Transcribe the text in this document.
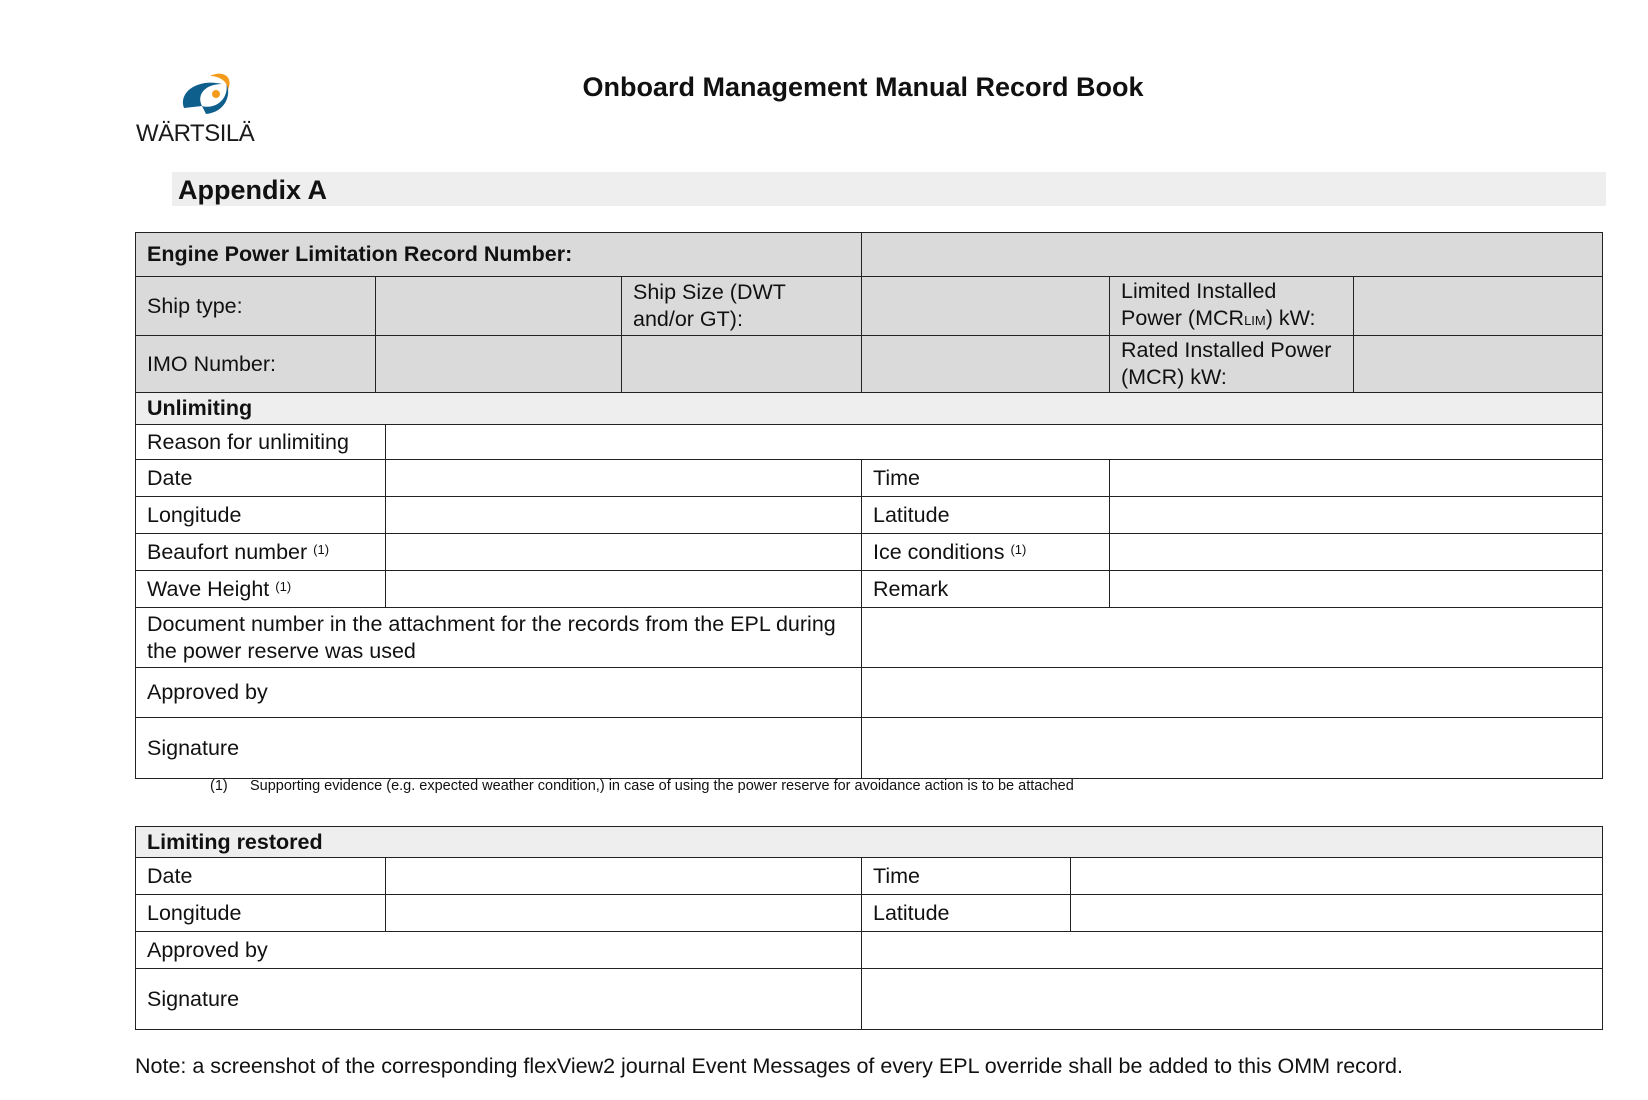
WÄRTSILÄ
Onboard Management Manual Record Book
Appendix A
Engine Power Limitation Record Number:						
Ship type:			Ship Size (DWT and/or GT):		Limited Installed Power (MCRLIM) kW:	
IMO Number:					Rated Installed Power (MCR) kW:	
Unlimiting						
Reason for unlimiting						
Date				Time		
Longitude				Latitude		
Beaufort number $^{(1)}$				Ice conditions $^{(1)}$	
Wave Height $^{(1)}$				Remark		
Document number in the attachment for the records from the EPL during the power reserve was used						
Approved by						
Signature						
(1) Supporting evidence (e.g. expected weather condition,) in case of using the power reserve for avoidance action is to be attached
Limiting restored			
Date		Time	
Longitude		Latitude	
Approved by			
Signature			
Note: a screenshot of the corresponding flexView2 journal Event Messages of every EPL override shall be added to this OMM record.
